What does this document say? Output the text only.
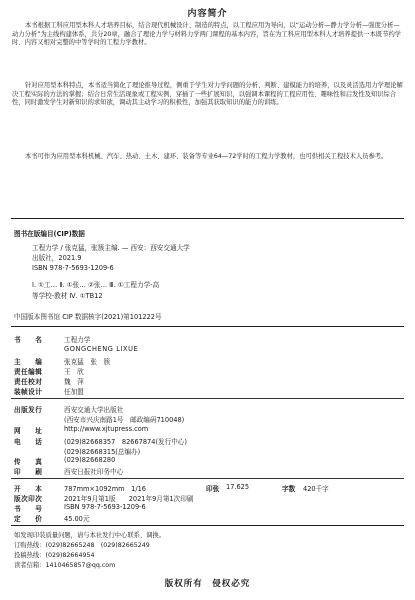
内容简介
本书根据工科应用型本科人才培养目标，结合现代机械设计、制造的特点，以工程应用为导向，以“运动分析—静力学分析—强度分析—动力分析”为主线构建体系，共分20章，融合了理论力学与材料力学两门课程的基本内容，旨在为工科应用型本科人才培养提供一本既节约学时、内容又相对完整的中等学时的工程力学教材。
针对应用型本科特点，本书适当简化了理论推导过程，侧重于学生对力学问题的分析、判断、建模能力的培养，以及灵活选用力学理论解决工程实际的方法的掌握；结合日常生活现象或工程实例，穿插了一些扩展知识，以强调本课程的工程应用性、趣味性和启发性及知识综合性，同时激发学生对新知识的求知欲，调动其主动学习的积极性，加强其获取知识的能力的训练。
本书可作为应用型本科机械、汽车、热动、土木、建环、装备等专业64—72学时的工程力学教材，也可供相关工程技术人员参考。
图书在版编目(CIP)数据
工程力学 / 张克猛，张簇主编. — 西安：西安交通大学
出版社，2021.9
ISBN 978-7-5693-1209-6
Ⅰ. ①工… Ⅱ. ①张… ②张… Ⅲ. ①工程力学-高
等学校-教材 Ⅳ. ①TB12
中国版本图书馆 CIP 数据核字(2021)第101222号
书　　名	工程力学
GONGCHENG LIXUE
主　　编	张克猛　张　簇
责任编辑	王　欣
责任校对	魏　萍
装帧设计	任加盟
出版发行	西安交通大学出版社
(西安市兴庆南路1号　邮政编码710048)
网　　址	http://www.xjtupress.com
电　　话	(029)82668357　82667874(发行中心)
(029)82668315(总编办)
传　　真	(029)82668280
印　　刷	西安日报社印务中心
开　　本	787mm×1092mm　1/16	印张 17.625	字数 420千字
版次印次	2021年9月第1版　　2021年9月第1次印刷
书　　号	ISBN 978-7-5693-1209-6
定　　价	45.00元
如发现印装质量问题，请与本社发行中心联系、调换。
订购热线：(029)82665248　(029)82665249
投稿热线：(029)82664954
读者信箱：1410465857@qq.com
版权所有　侵权必究
